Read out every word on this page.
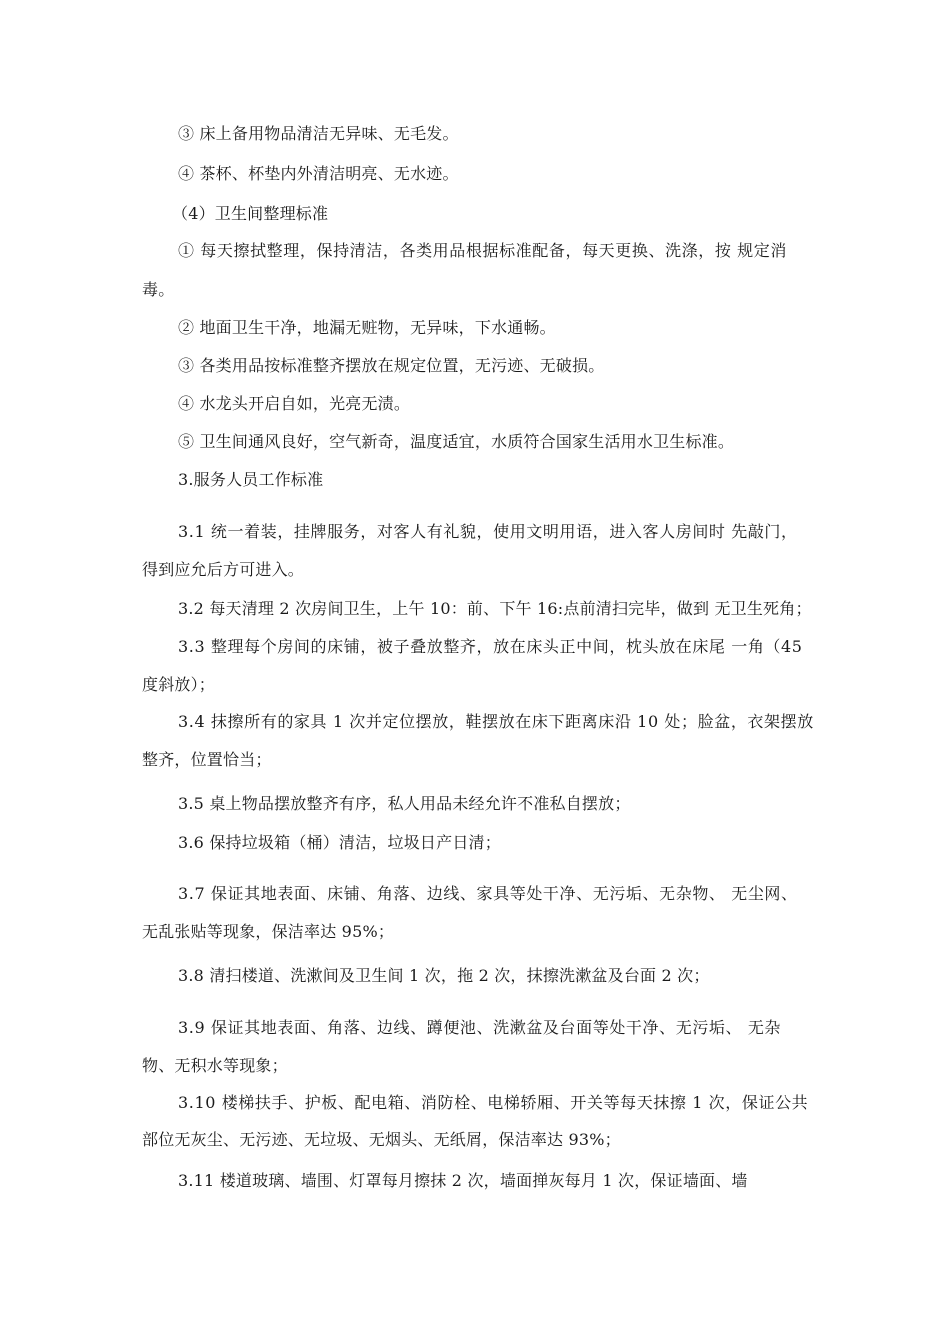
③ 床上备用物品清洁无异味、无毛发。
④ 茶杯、杯垫内外清洁明亮、无水迹。
（4）卫生间整理标准
① 每天擦拭整理，保持清洁，各类用品根据标准配备，每天更换、洗涤，按 规定消
毒。
② 地面卫生干净，地漏无赃物，无异味，下水通畅。
③ 各类用品按标准整齐摆放在规定位置，无污迹、无破损。
④ 水龙头开启自如，光亮无渍。
⑤ 卫生间通风良好，空气新奇，温度适宜，水质符合国家生活用水卫生标准。
3.服务人员工作标准
3.1 统一着装，挂牌服务，对客人有礼貌，使用文明用语，进入客人房间时 先敲门，
得到应允后方可进入。
3.2 每天清理 2 次房间卫生，上午 10：前、下午 16:点前清扫完毕，做到 无卫生死角；
3.3 整理每个房间的床铺，被子叠放整齐，放在床头正中间，枕头放在床尾 一角（45
度斜放）；
3.4 抹擦所有的家具 1 次并定位摆放，鞋摆放在床下距离床沿 10 处；脸盆，衣架摆放
整齐，位置恰当；
3.5 桌上物品摆放整齐有序，私人用品未经允许不准私自摆放；
3.6 保持垃圾箱（桶）清洁，垃圾日产日清；
3.7 保证其地表面、床铺、角落、边线、家具等处干净、无污垢、无杂物、 无尘网、
无乱张贴等现象，保洁率达 95%；
3.8 清扫楼道、洗漱间及卫生间 1 次，拖 2 次，抹擦洗漱盆及台面 2 次；
3.9 保证其地表面、角落、边线、蹲便池、洗漱盆及台面等处干净、无污垢、 无杂
物、无积水等现象；
3.10 楼梯扶手、护板、配电箱、消防栓、电梯轿厢、开关等每天抹擦 1 次，保证公共
部位无灰尘、无污迹、无垃圾、无烟头、无纸屑，保洁率达 93%；
3.11 楼道玻璃、墙围、灯罩每月擦抹 2 次，墙面掸灰每月 1 次，保证墙面、墙
